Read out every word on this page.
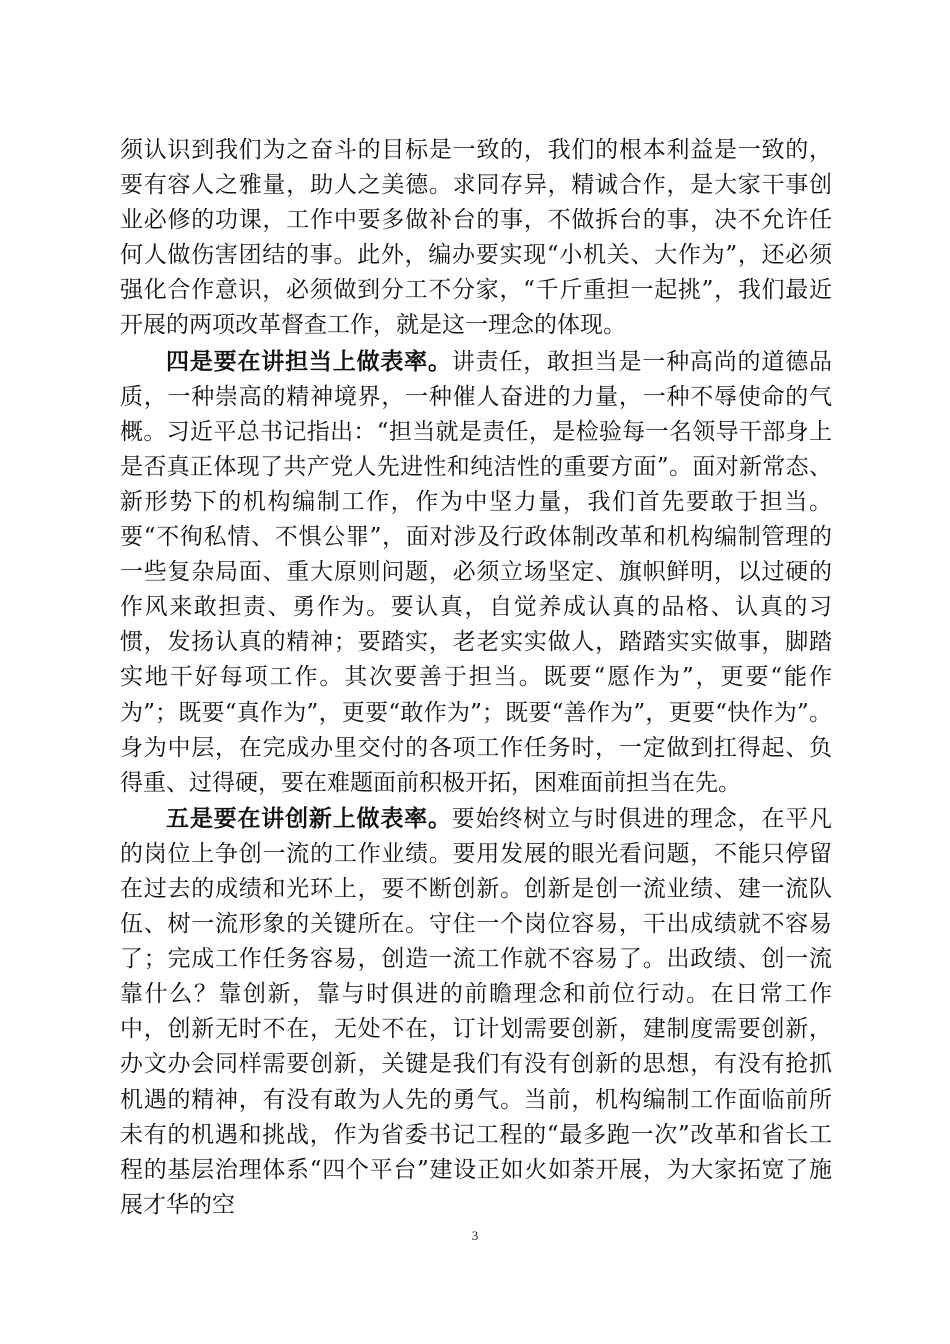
须认识到我们为之奋斗的目标是一致的，我们的根本利益是一致的，要有容人之雅量，助人之美德。求同存异，精诚合作，是大家干事创业必修的功课，工作中要多做补台的事，不做拆台的事，决不允许任何人做伤害团结的事。此外，编办要实现“小机关、大作为”，还必须强化合作意识，必须做到分工不分家，“千斤重担一起挑”，我们最近开展的两项改革督查工作，就是这一理念的体现。

四是要在讲担当上做表率。讲责任，敢担当是一种高尚的道德品质，一种崇高的精神境界，一种催人奋进的力量，一种不辱使命的气概。习近平总书记指出：“担当就是责任，是检验每一名领导干部身上是否真正体现了共产党人先进性和纯洁性的重要方面”。面对新常态、新形势下的机构编制工作，作为中坚力量，我们首先要敢于担当。要“不徇私情、不惧公罪”，面对涉及行政体制改革和机构编制管理的一些复杂局面、重大原则问题，必须立场坚定、旗帜鲜明，以过硬的作风来敢担责、勇作为。要认真，自觉养成认真的品格、认真的习惯，发扬认真的精神；要踏实，老老实实做人，踏踏实实做事，脚踏实地干好每项工作。其次要善于担当。既要“愿作为”，更要“能作为”；既要“真作为”，更要“敢作为”；既要“善作为”，更要“快作为”。身为中层，在完成办里交付的各项工作任务时，一定做到扛得起、负得重、过得硬，要在难题面前积极开拓，困难面前担当在先。

五是要在讲创新上做表率。要始终树立与时俱进的理念，在平凡的岗位上争创一流的工作业绩。要用发展的眼光看问题，不能只停留在过去的成绩和光环上，要不断创新。创新是创一流业绩、建一流队伍、树一流形象的关键所在。守住一个岗位容易，干出成绩就不容易了；完成工作任务容易，创造一流工作就不容易了。出政绩、创一流靠什么？靠创新，靠与时俱进的前瞻理念和前位行动。在日常工作中，创新无时不在，无处不在，订计划需要创新，建制度需要创新，办文办会同样需要创新，关键是我们有没有创新的思想，有没有抢抓机遇的精神，有没有敢为人先的勇气。当前，机构编制工作面临前所未有的机遇和挑战，作为省委书记工程的“最多跑一次”改革和省长工程的基层治理体系“四个平台”建设正如火如荼开展，为大家拓宽了施展才华的空

3
